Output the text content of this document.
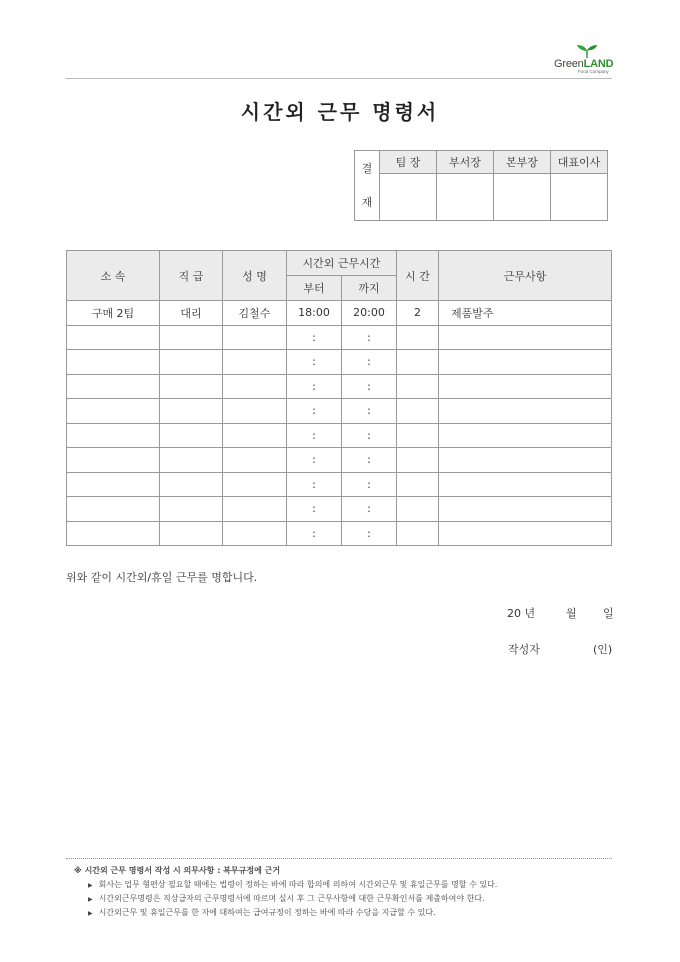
GreenLAND
Food Company
시간외 근무 명령서
결
재	팀 장	부서장	본부장	대표이사

소 속	직 급	성 명	시간외 근무시간		시 간	근무사항
			부터	까지		
구매 2팀	대리	김철수	18:00	20:00	2	제품발주
			:	:		
			:	:		
			:	:		
			:	:		
			:	:		
			:	:		
			:	:		
			:	:		
			:	:		
위와 같이 시간외/휴일 근무를 명합니다.
20 년	월 일
작성자	(인)
※ 시간외 근무 명령서 작성 시 의무사항 : 복무규정에 근거
▶ 회사는 업무 형편상 필요할 때에는 법령이 정하는 바에 따라 합의에 의하여 시간외근무 및 휴일근무를 명할 수 있다.
▶ 시간외근무명령은 직상급자의 근무명령서에 따르며 실시 후 그 근무사항에 대한 근무확인서를 제출하여야 한다.
▶ 시간외근무 및 휴일근무를 한 자에 대하여는 급여규정이 정하는 바에 따라 수당을 지급할 수 있다.
